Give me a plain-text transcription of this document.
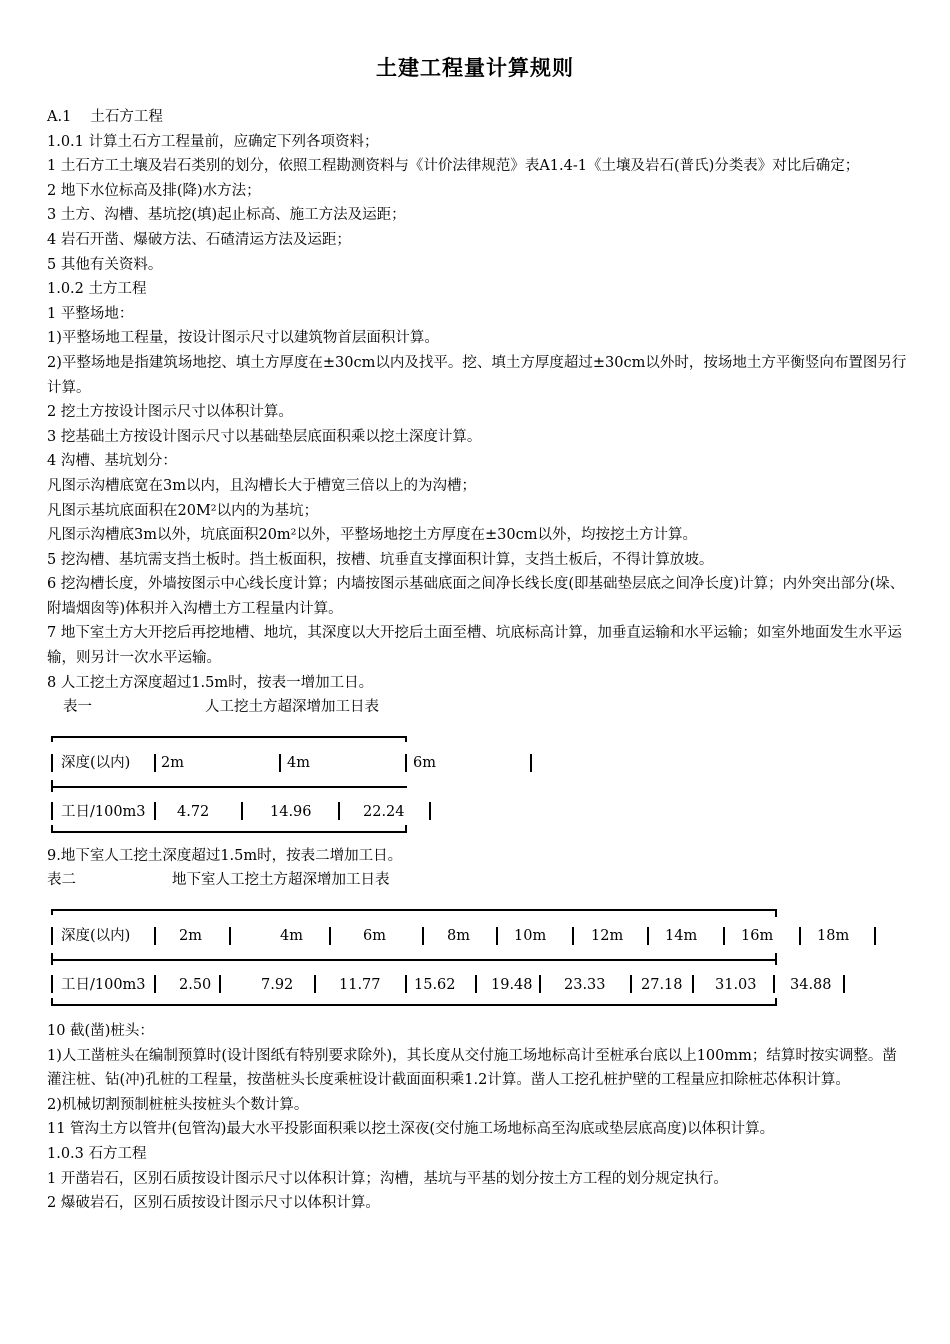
土建工程量计算规则
A.1　 土石方工程
1.0.1 计算土石方工程量前，应确定下列各项资料；
1 土石方工土壤及岩石类别的划分，依照工程勘测资料与《计价法律规范》表A1.4-1《土壤及岩石(普氏)分类表》对比后确定；
2 地下水位标高及排(降)水方法；
3 土方、沟槽、基坑挖(填)起止标高、施工方法及运距；
4 岩石开凿、爆破方法、石碴清运方法及运距；
5 其他有关资料。
1.0.2 土方工程
1 平整场地：
1)平整场地工程量，按设计图示尺寸以建筑物首层面积计算。
2)平整场地是指建筑场地挖、填土方厚度在±30cm以内及找平。挖、填土方厚度超过±30cm以外时，按场地土方平衡竖向布置图另行计算。
2 挖土方按设计图示尺寸以体积计算。
3 挖基础土方按设计图示尺寸以基础垫层底面积乘以挖土深度计算。
4 沟槽、基坑划分：
凡图示沟槽底宽在3m以内，且沟槽长大于槽宽三倍以上的为沟槽；
凡图示基坑底面积在20M²以内的为基坑；
凡图示沟槽底3m以外，坑底面积20m²以外，平整场地挖土方厚度在±30cm以外，均按挖土方计算。
5 挖沟槽、基坑需支挡土板时。挡土板面积，按槽、坑垂直支撑面积计算，支挡土板后，不得计算放坡。
6 挖沟槽长度，外墙按图示中心线长度计算；内墙按图示基础底面之间净长线长度(即基础垫层底之间净长度)计算；内外突出部分(垛、附墙烟囱等)体积并入沟槽土方工程量内计算。
7 地下室土方大开挖后再挖地槽、地坑，其深度以大开挖后土面至槽、坑底标高计算，加垂直运输和水平运输；如室外地面发生水平运输，则另计一次水平运输。
8 人工挖土方深度超过1.5m时，按表一增加工日。
表一	人工挖土方超深增加工日表
深度(以内) 2m	4m	6m
工日/100m3 4.72	14.96	22.24
9.地下室人工挖土深度超过1.5m时，按表二增加工日。
表二	地下室人工挖土方超深增加工日表
深度(以内)	2m	4m	6m	8m	10m	12m	14m	16m	18m
工日/100m3 2.50	7.92	11.77 15.62 19.48 23.33 27.18 31.03 34.88
10 截(凿)桩头：
1)人工凿桩头在编制预算时(设计图纸有特别要求除外)，其长度从交付施工场地标高计至桩承台底以上100mm；结算时按实调整。凿灌注桩、钻(冲)孔桩的工程量，按凿桩头长度乘桩设计截面面积乘1.2计算。凿人工挖孔桩护壁的工程量应扣除桩芯体积计算。
2)机械切割预制桩桩头按桩头个数计算。
11 管沟土方以管井(包管沟)最大水平投影面积乘以挖土深夜(交付施工场地标高至沟底或垫层底高度)以体积计算。
1.0.3 石方工程
1 开凿岩石，区别石质按设计图示尺寸以体积计算；沟槽，基坑与平基的划分按土方工程的划分规定执行。
2 爆破岩石，区别石质按设计图示尺寸以体积计算。
